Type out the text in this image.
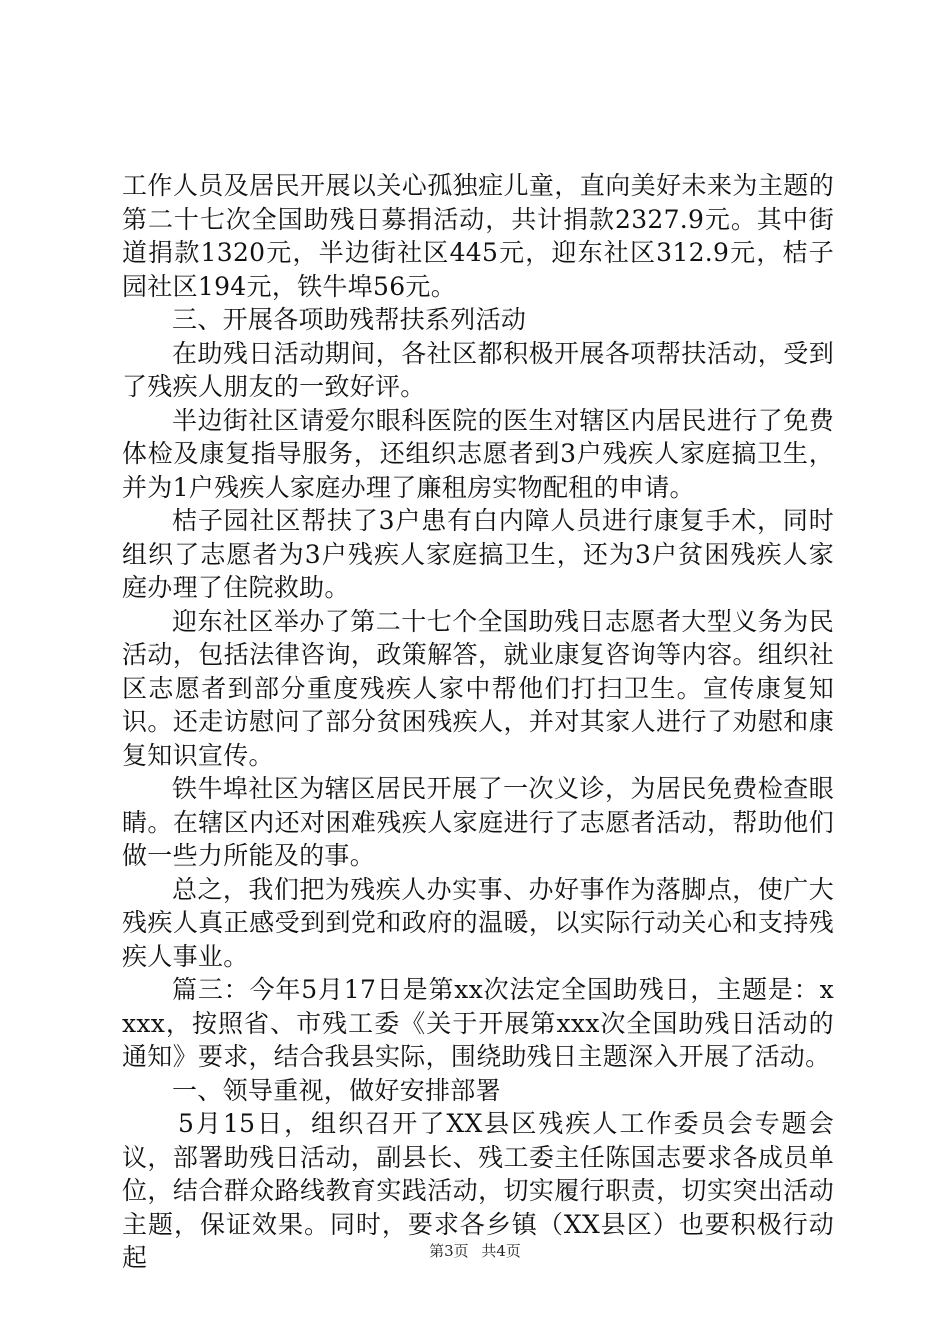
工作人员及居民开展以关心孤独症儿童，直向美好未来为主题的第二十七次全国助残日募捐活动，共计捐款2327.9元。其中街道捐款1320元，半边街社区445元，迎东社区312.9元，桔子园社区194元，铁牛埠56元。

三、开展各项助残帮扶系列活动

在助残日活动期间，各社区都积极开展各项帮扶活动，受到了残疾人朋友的一致好评。

半边街社区请爱尔眼科医院的医生对辖区内居民进行了免费体检及康复指导服务，还组织志愿者到3户残疾人家庭搞卫生，并为1户残疾人家庭办理了廉租房实物配租的申请。

桔子园社区帮扶了3户患有白内障人员进行康复手术，同时组织了志愿者为3户残疾人家庭搞卫生，还为3户贫困残疾人家庭办理了住院救助。

迎东社区举办了第二十七个全国助残日志愿者大型义务为民活动，包括法律咨询，政策解答，就业康复咨询等内容。组织社区志愿者到部分重度残疾人家中帮他们打扫卫生。宣传康复知识。还走访慰问了部分贫困残疾人，并对其家人进行了劝慰和康复知识宣传。

铁牛埠社区为辖区居民开展了一次义诊，为居民免费检查眼睛。在辖区内还对困难残疾人家庭进行了志愿者活动，帮助他们做一些力所能及的事。

总之，我们把为残疾人办实事、办好事作为落脚点，使广大残疾人真正感受到到党和政府的温暖，以实际行动关心和支持残疾人事业。

篇三：今年5月17日是第xx次法定全国助残日，主题是：xxxx，按照省、市残工委《关于开展第xxx次全国助残日活动的通知》要求，结合我县实际，围绕助残日主题深入开展了活动。

一、领导重视，做好安排部署

5月15日，组织召开了XX县区残疾人工作委员会专题会议，部署助残日活动，副县长、残工委主任陈国志要求各成员单位，结合群众路线教育实践活动，切实履行职责，切实突出活动主题，保证效果。同时，要求各乡镇（XX县区）也要积极行动起	第3页 共4页
